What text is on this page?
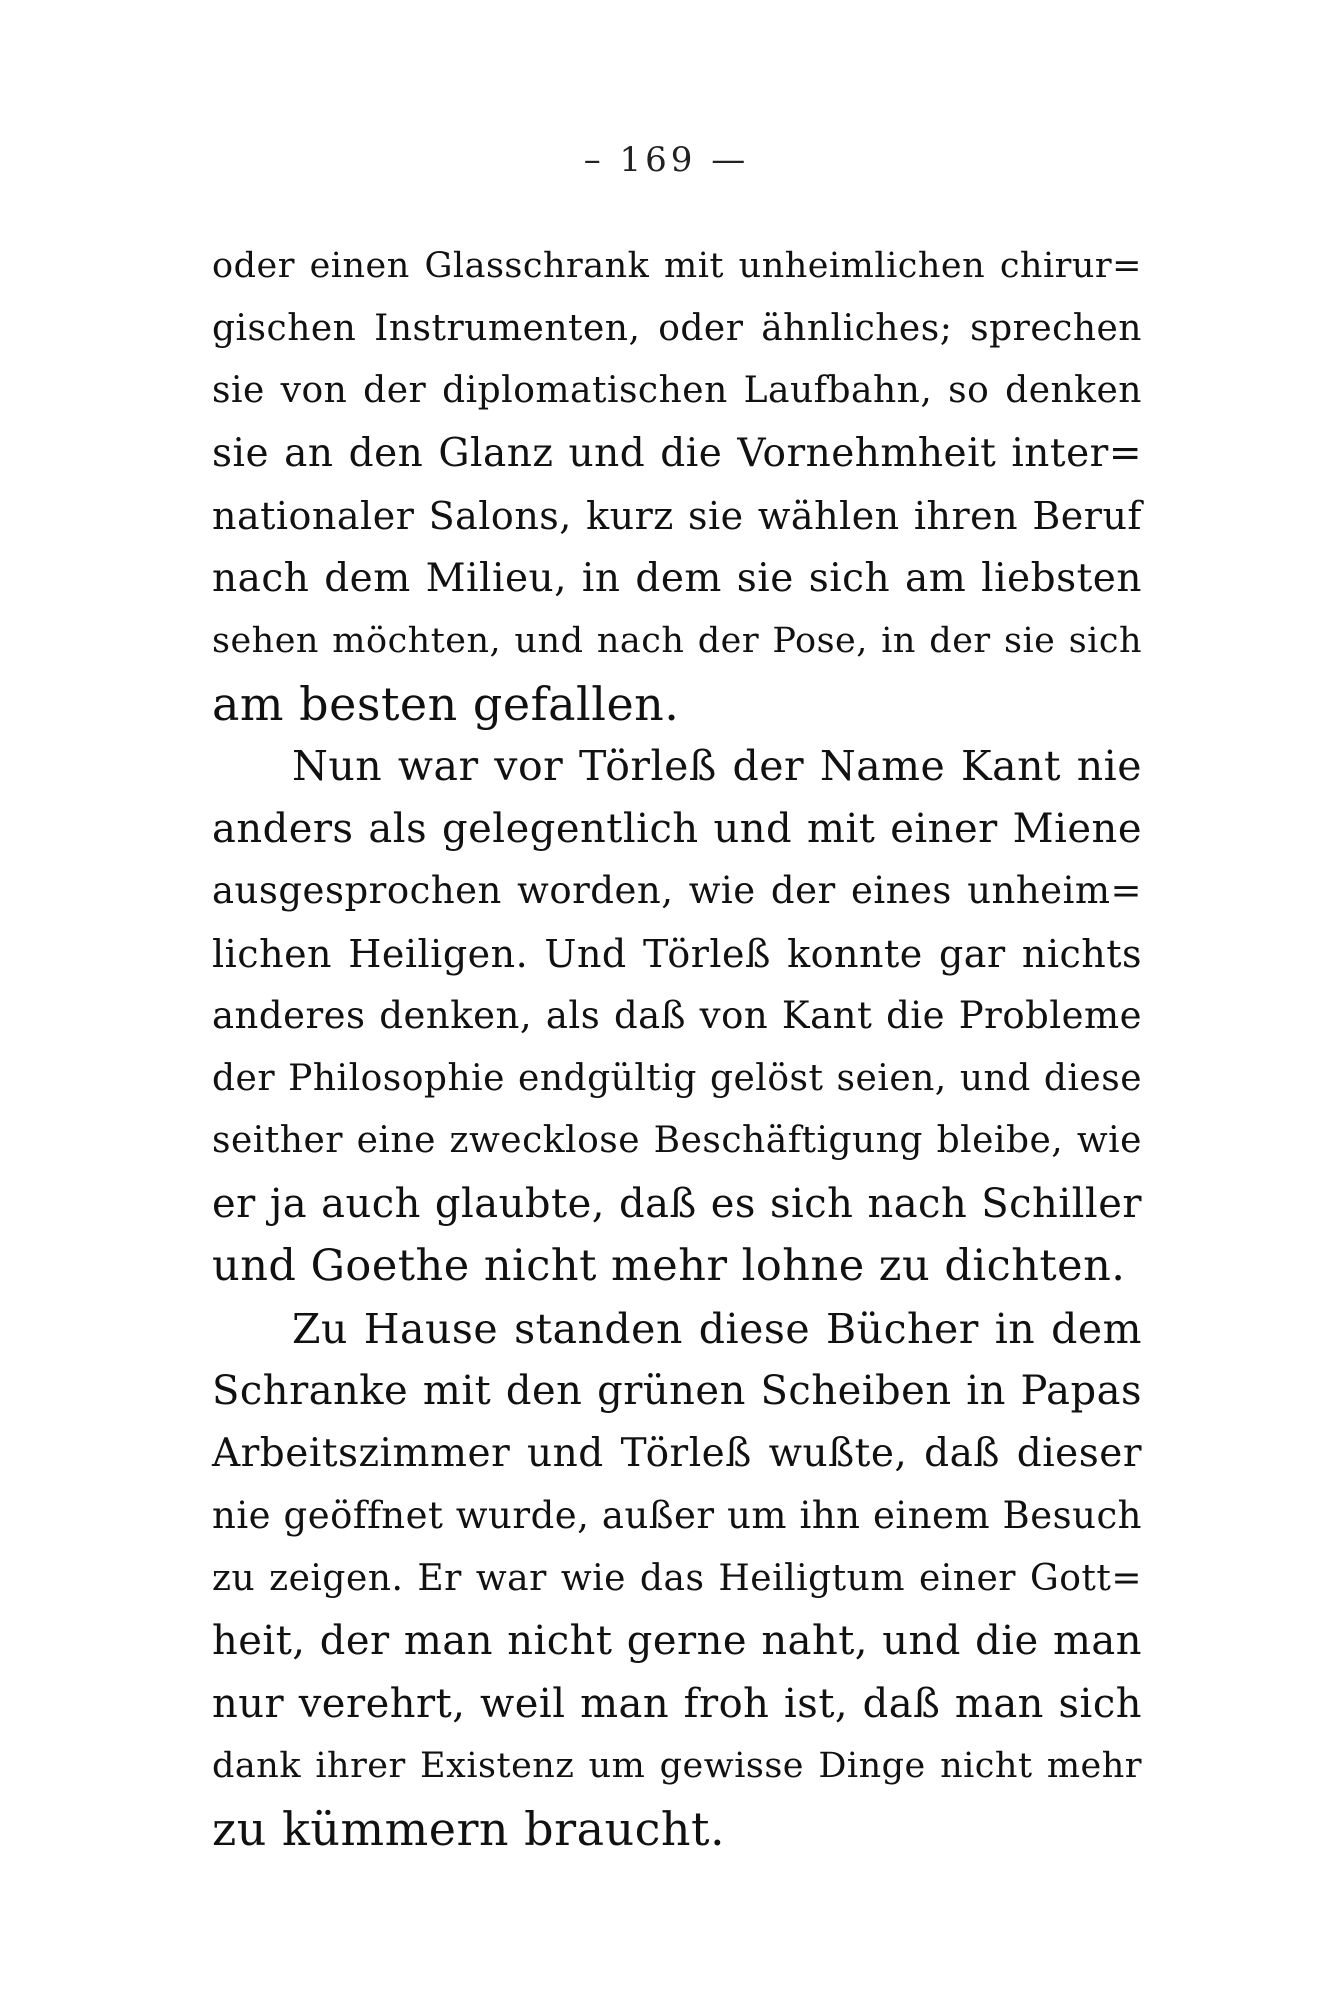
– 169 —
oder einen Glasschrank mit unheimlichen chirur=
gischen Instrumenten, oder ähnliches; sprechen
sie von der diplomatischen Laufbahn, so denken
sie an den Glanz und die Vornehmheit inter=
nationaler Salons, kurz sie wählen ihren Beruf
nach dem Milieu, in dem sie sich am liebsten
sehen möchten, und nach der Pose, in der sie sich
am besten gefallen.
Nun war vor Törleß der Name Kant nie
anders als gelegentlich und mit einer Miene
ausgesprochen worden, wie der eines unheim=
lichen Heiligen. Und Törleß konnte gar nichts
anderes denken, als daß von Kant die Probleme
der Philosophie endgültig gelöst seien, und diese
seither eine zwecklose Beschäftigung bleibe, wie
er ja auch glaubte, daß es sich nach Schiller
und Goethe nicht mehr lohne zu dichten.
Zu Hause standen diese Bücher in dem
Schranke mit den grünen Scheiben in Papas
Arbeitszimmer und Törleß wußte, daß dieser
nie geöffnet wurde, außer um ihn einem Besuch
zu zeigen. Er war wie das Heiligtum einer Gott=
heit, der man nicht gerne naht, und die man
nur verehrt, weil man froh ist, daß man sich
dank ihrer Existenz um gewisse Dinge nicht mehr
zu kümmern braucht.
